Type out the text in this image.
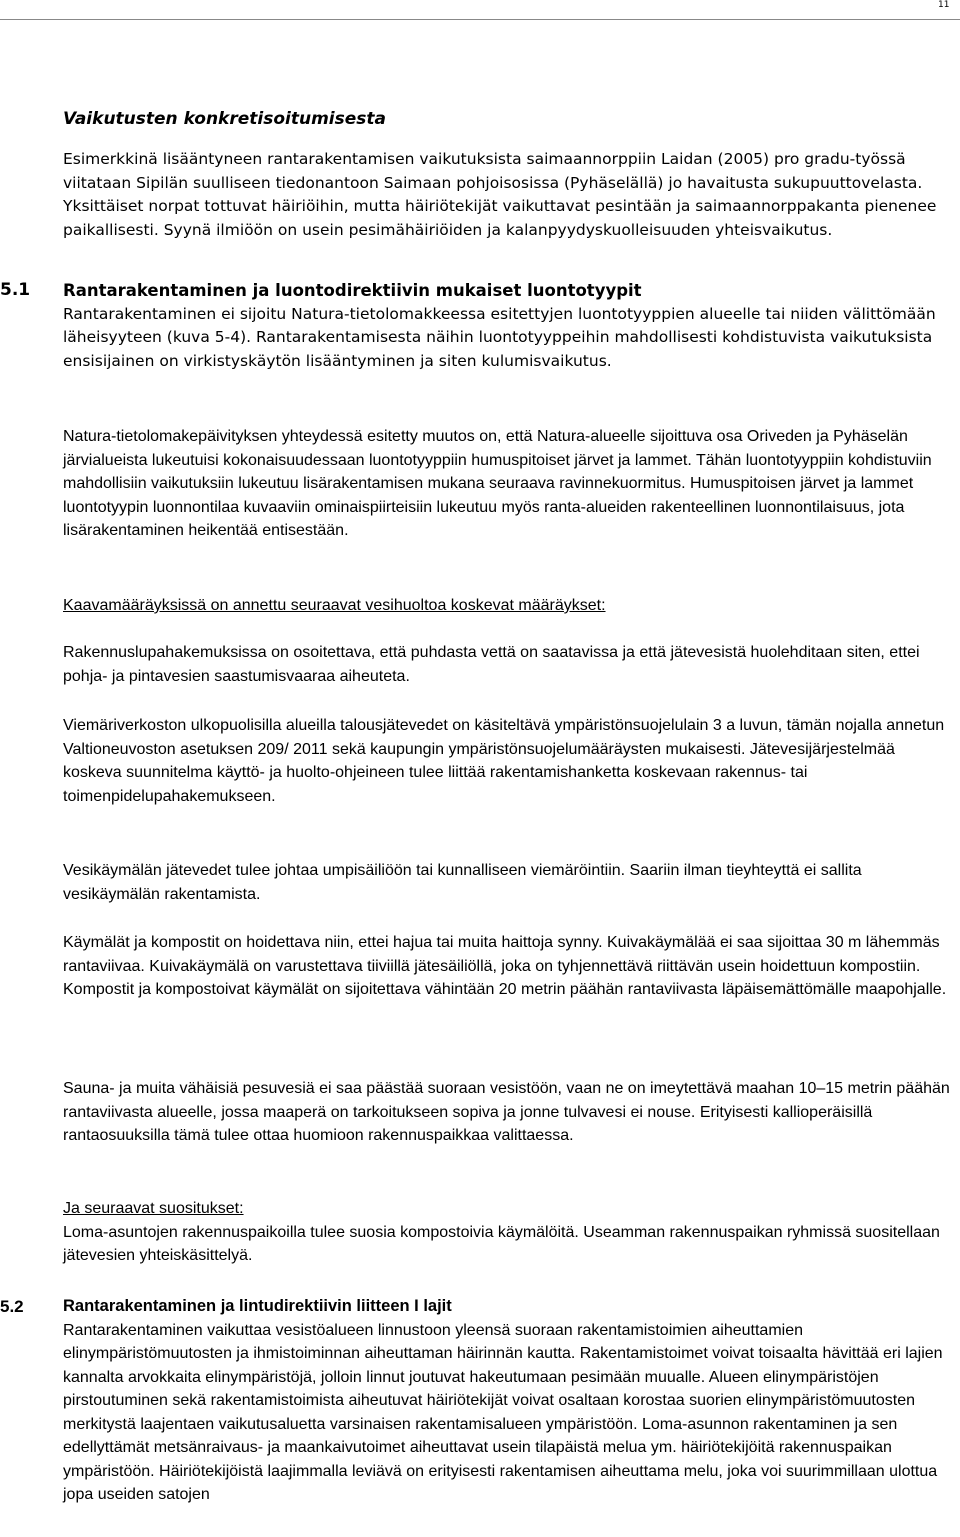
11

Vaikutusten konkretisoitumisesta

Esimerkkinä lisääntyneen rantarakentamisen vaikutuksista saimaannorppiin Laidan (2005) pro gradu-työssä viitataan Sipilän suulliseen tiedonantoon Saimaan pohjoisosissa (Pyhäselällä) jo havaitusta sukupuuttovelasta. Yksittäiset norpat tottuvat häiriöihin, mutta häiriötekijät vaikuttavat pesintään ja saimaannorppakanta pienenee paikallisesti. Syynä ilmiöön on usein pesimähäiriöiden ja kalanpyydyskuolleisuuden yhteisvaikutus.

5.1 Rantarakentaminen ja luontodirektiivin mukaiset luontotyypit

Rantarakentaminen ei sijoitu Natura-tietolomakkeessa esitettyjen luontotyyppien alueelle tai niiden välittömään läheisyyteen (kuva 5-4). Rantarakentamisesta näihin luontotyyppeihin mahdollisesti kohdistuvista vaikutuksista ensisijainen on virkistyskäytön lisääntyminen ja siten kulumisvaikutus.

Natura-tietolomakepäivityksen yhteydessä esitetty muutos on, että Natura-alueelle sijoittuva osa Oriveden ja Pyhäselän järvialueista lukeutuisi kokonaisuudessaan luontotyyppiin humuspitoiset järvet ja lammet. Tähän luontotyyppiin kohdistuviin mahdollisiin vaikutuksiin lukeutuu lisärakentamisen mukana seuraava ravinnekuormitus. Humuspitoisen järvet ja lammet luontotyypin luonnontilaa kuvaaviin ominaispiirteisiin lukeutuu myös ranta-alueiden rakenteellinen luonnontilaisuus, jota lisärakentaminen heikentää entisestään.

Kaavamääräyksissä on annettu seuraavat vesihuoltoa koskevat määräykset:

Rakennuslupahakemuksissa on osoitettava, että puhdasta vettä on saatavissa ja että jätevesistä huolehditaan siten, ettei pohja- ja pintavesien saastumisvaaraa aiheuteta.

Viemäriverkoston ulkopuolisilla alueilla talousjätevedet on käsiteltävä ympäristönsuojelulain 3 a luvun, tämän nojalla annetun Valtioneuvoston asetuksen 209/ 2011 sekä kaupungin ympäristönsuojelumääräysten mukaisesti. Jätevesijärjestelmää koskeva suunnitelma käyttö- ja huolto-ohjeineen tulee liittää rakentamishanketta koskevaan rakennus- tai toimenpidelupahakemukseen.

Vesikäymälän jätevedet tulee johtaa umpisäiliöön tai kunnalliseen viemäröintiin. Saariin ilman tieyhteyttä ei sallita vesikäymälän rakentamista.

Käymälät ja kompostit on hoidettava niin, ettei hajua tai muita haittoja synny. Kuivakäymälää ei saa sijoittaa 30 m lähemmäs rantaviivaa. Kuivakäymälä on varustettava tiiviillä jätesäiliöllä, joka on tyhjennettävä riittävän usein hoidettuun kompostiin. Kompostit ja kompostoivat käymälät on sijoitettava vähintään 20 metrin päähän rantaviivasta läpäisemättömälle maapohjalle.

Sauna- ja muita vähäisiä pesuvesiä ei saa päästää suoraan vesistöön, vaan ne on imeytettävä maahan 10–15 metrin päähän rantaviivasta alueelle, jossa maaperä on tarkoitukseen sopiva ja jonne tulvavesi ei nouse. Erityisesti kallioperäisillä rantaosuuksilla tämä tulee ottaa huomioon rakennuspaikkaa valittaessa.

Ja seuraavat suositukset:

Loma-asuntojen rakennuspaikoilla tulee suosia kompostoivia käymälöitä. Useamman rakennuspaikan ryhmissä suositellaan jätevesien yhteiskäsittelyä.

5.2 Rantarakentaminen ja lintudirektiivin liitteen I lajit

Rantarakentaminen vaikuttaa vesistöalueen linnustoon yleensä suoraan rakentamistoimien aiheuttamien elinympäristömuutosten ja ihmistoiminnan aiheuttaman häirinnän kautta. Rakentamistoimet voivat toisaalta hävittää eri lajien kannalta arvokkaita elinympäristöjä, jolloin linnut joutuvat hakeutumaan pesimään muualle. Alueen elinympäristöjen pirstoutuminen sekä rakentamistoimista aiheutuvat häiriötekijät voivat osaltaan korostaa suorien elinympäristömuutosten merkitystä laajentaen vaikutusaluetta varsinaisen rakentamisalueen ympäristöön. Loma-asunnon rakentaminen ja sen edellyttämät metsänraivaus- ja maankaivutoimet aiheuttavat usein tilapäistä melua ym. häiriötekijöitä rakennuspaikan ympäristöön. Häiriötekijöistä laajimmalla leviävä on erityisesti rakentamisen aiheuttama melu, joka voi suurimmillaan ulottua jopa useiden satojen
